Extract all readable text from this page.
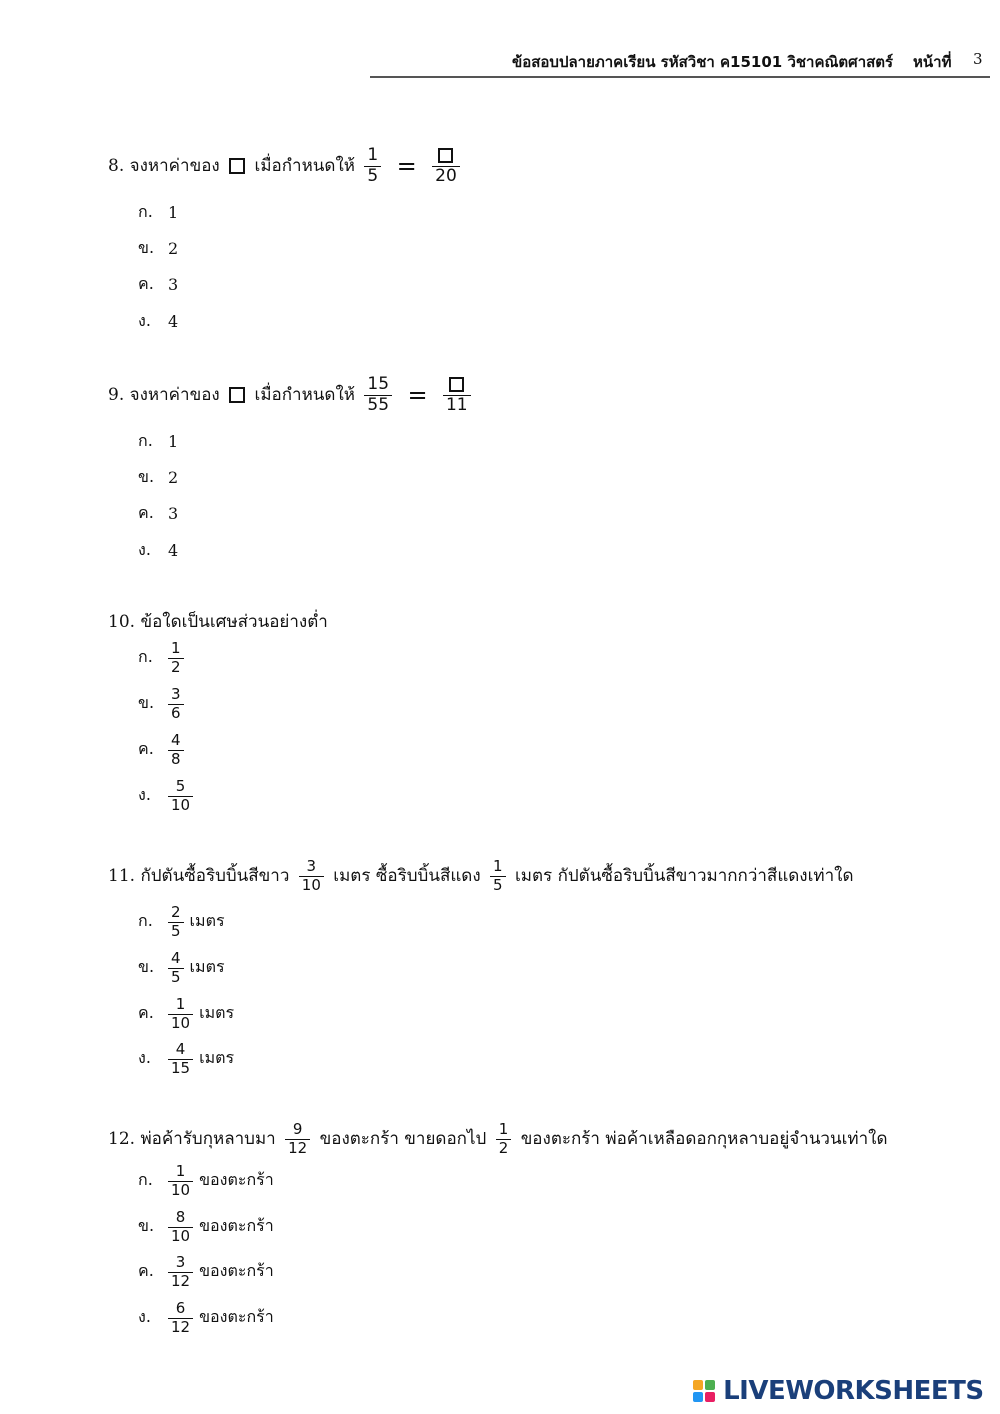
ข้อสอบปลายภาคเรียน รหัสวิชา ค15101 วิชาคณิตศาสตร์ หน้าที่ 3
8. จงหาค่าของ เมื่อกำหนดให้ $\frac{1}{5} = 20$
ก. 1
ข. 2
ค. 3
ง. 4
9. จงหาค่าของ เมื่อกำหนดให้ $\frac{15}{55} = 11$
ก. 1
ข. 2
ค. 3
ง. 4
10. ข้อใดเป็นเศษส่วนอย่างต่ำ
ก. $\frac{1}{2}$
ข. $\frac{3}{6}$
ค. $\frac{4}{8}$
ง. $\frac{5}{10}$
11. กัปตันซื้อริบบิ้นสีขาว $\frac{3}{10}$ เมตร ซื้อริบบิ้นสีแดง $\frac{1}{5}$ เมตร กัปตันซื้อริบบิ้นสีขาวมากกว่าสีแดงเท่าใด
ก. $\frac{2}{5}$ เมตร
ข. $\frac{4}{5}$ เมตร
ค. $\frac{1}{10}$ เมตร
ง. $\frac{4}{15}$ เมตร
12. พ่อค้ารับกุหลาบมา $\frac{9}{12}$ ของตะกร้า ขายดอกไป $\frac{1}{2}$ ของตะกร้า พ่อค้าเหลือดอกกุหลาบอยู่จำนวนเท่าใด
ก. $\frac{1}{10}$ ของตะกร้า
ข. $\frac{8}{10}$ ของตะกร้า
ค. $\frac{3}{12}$ ของตะกร้า
ง. $\frac{6}{12}$ ของตะกร้า
LIVEWORKSHEETS
